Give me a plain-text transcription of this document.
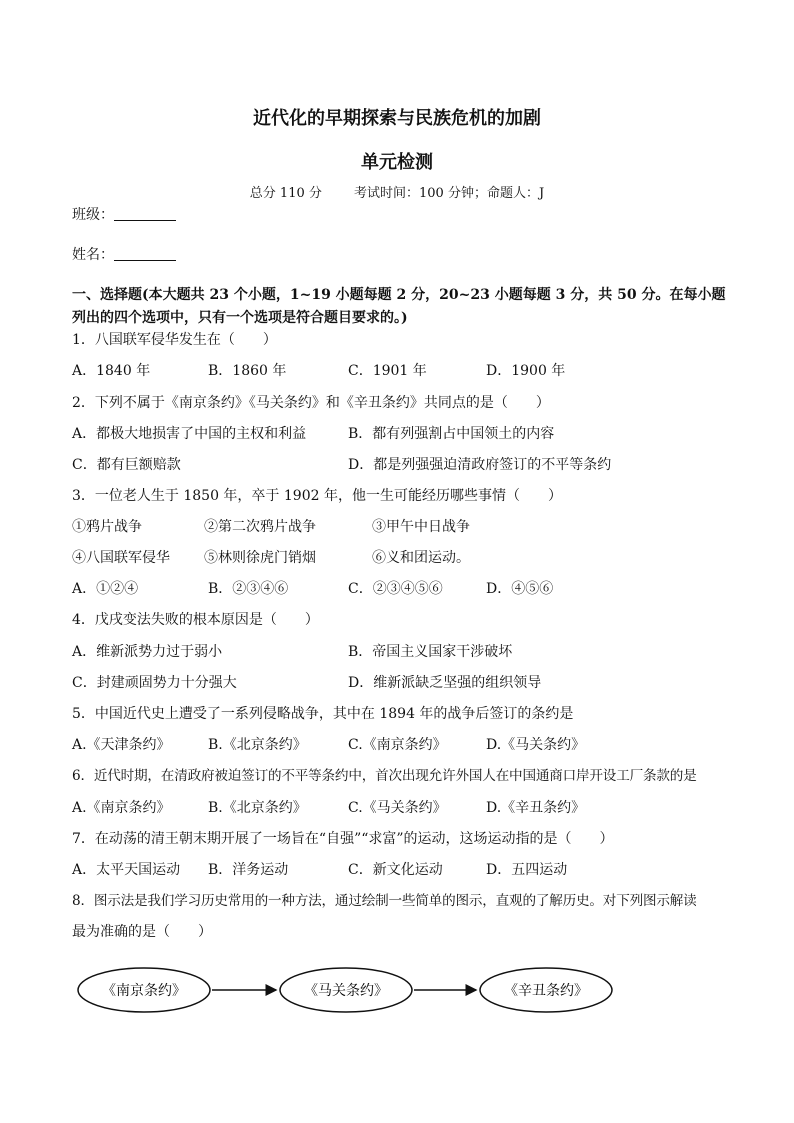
近代化的早期探索与民族危机的加剧
单元检测
总分 110 分 考试时间：100 分钟；命题人：J
班级：
姓名：
一、选择题(本大题共 23 个小题，1~19 小题每题 2 分，20~23 小题每题 3 分，共 50 分。在每小题列出的四个选项中，只有一个选项是符合题目要求的。)
1．八国联军侵华发生在（　　）
A．1840 年	B．1860 年	C．1901 年	D．1900 年
2．下列不属于《南京条约》《马关条约》和《辛丑条约》共同点的是（　　）
A．都极大地损害了中国的主权和利益	B．都有列强割占中国领土的内容
C．都有巨额赔款	D．都是列强强迫清政府签订的不平等条约
3．一位老人生于 1850 年，卒于 1902 年，他一生可能经历哪些事情（　　）
①鸦片战争	②第二次鸦片战争	③甲午中日战争
④八国联军侵华 ⑤林则徐虎门销烟	⑥义和团运动。
A．①②④	B．②③④⑥	C．②③④⑤⑥	D．④⑤⑥
4．戊戌变法失败的根本原因是（　　）
A．维新派势力过于弱小	B．帝国主义国家干涉破坏
C．封建顽固势力十分强大	D．维新派缺乏坚强的组织领导
5．中国近代史上遭受了一系列侵略战争，其中在 1894 年的战争后签订的条约是
A.《天津条约》	B.《北京条约》	C.《南京条约》	D.《马关条约》
6．近代时期，在清政府被迫签订的不平等条约中，首次出现允许外国人在中国通商口岸开设工厂条款的是
A.《南京条约》	B.《北京条约》	C.《马关条约》	D.《辛丑条约》
7．在动荡的清王朝末期开展了一场旨在“自强”“求富”的运动，这场运动指的是（　　）
A．太平天国运动 B．洋务运动	C．新文化运动	D．五四运动
8．图示法是我们学习历史常用的一种方法，通过绘制一些简单的图示，直观的了解历史。对下列图示解读
最为准确的是（　　）
《南京条约》	《马关条约》	《辛丑条约》
